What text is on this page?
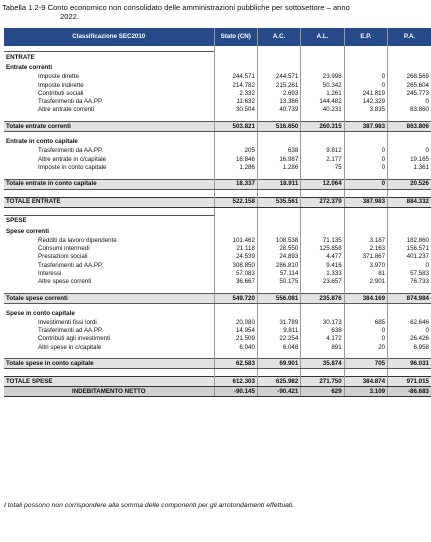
Tabella 1.2-9 Conto economico non consolidato delle amministrazioni pubbliche per sottosettore – anno
2022.
Classificazione SEC2010	Stato (CN)	A.C.	A.L.	E.P.	P.A.

ENTRATE					
Entrate correnti					
Imposte dirette	244.571	244.571	23.998	0	268.569
Imposte indirette	214.782	215.261	50.342	0	265.604
Contributi sociali	2.332	2.693	1.261	241.819	245.773
Trasferimenti da AA.PP.	11.632	13.386	144.482	142.329	0
Altre entrate correnti	30.504	40.739	40.231	3.835	83.860

Totale entrate correnti	503.821	516.650	260.315	387.983	863.806

Entrate in conto capitale					
Trasferimenti da AA.PP.	205	638	9.812	0	0
Altre entrate in c/capitale	16.846	16.987	2.177	0	19.165
Imposte in conto capitale	1.286	1.286	75	0	1.361

Totale entrate in conto capitale	18.337	18.911	12.064	0	20.526

TOTALE ENTRATE	522.158	535.561	272.379	387.983	884.332

SPESE					
Spese correnti					
Redditi da lavoro dipendente	101.462	108.538	71.135	3.187	182.860
Consumi intermedi	21.118	28.550	125.858	2.163	156.571
Prestazioni sociali	24.539	24.893	4.477	371.867	401.237
Trasferimenti ad AA.PP.	308.850	286.810	9.416	3.970	0
Interessi	57.083	57.114	1.333	81	57.583
Altre spese correnti	36.667	50.175	23.657	2.901	76.733

Totale spese correnti	549.720	556.081	235.876	384.169	874.984

Spese in conto capitale					
Investimenti fissi lordi	20.080	31.789	30.173	685	62.646
Trasferimenti ad AA.PP.	14.954	9.811	638	0	0
Contributi agli investimenti	21.509	22.254	4.172	0	26.426
Altri spese in c/capitale	6.040	6.048	891	20	6.958

Totale spese in conto capitale	62.583	69.901	35.874	705	96.031

TOTALE SPESE	612.303	625.982	271.750	384.874	971.015
INDEBITAMENTO NETTO	-90.145	-90.421	629	3.109	-86.683
I totali possono non corrispondere alla somma delle componenti per gli arrotondamenti effettuati.
